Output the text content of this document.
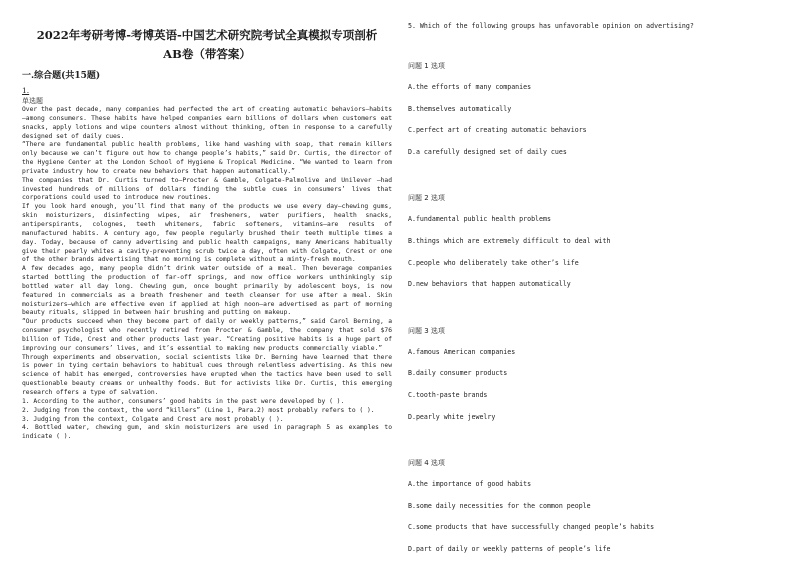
2022年考研考博-考博英语-中国艺术研究院考试全真模拟专项剖析
AB卷（带答案）
一.综合题(共15题)
1.
单选题

Over the past decade, many companies had perfected the art of creating automatic behaviors—habits—among consumers. These habits have helped companies earn billions of dollars when customers eat snacks, apply lotions and wipe counters almost without thinking, often in response to a carefully designed set of daily cues.

“There are fundamental public health problems, like hand washing with soap, that remain killers only because we can’t figure out how to change people’s habits,” said Dr. Curtis, the director of the Hygiene Center at the London School of Hygiene & Tropical Medicine. “We wanted to learn from private industry how to create new behaviors that happen automatically.”

The companies that Dr. Curtis turned to—Procter & Gamble, Colgate-Palmolive and Unilever —had invested hundreds of millions of dollars finding the subtle cues in consumers’ lives that corporations could used to introduce new routines.

If you look hard enough, you’ll find that many of the products we use every day—chewing gums, skin moisturizers, disinfecting wipes, air fresheners, water purifiers, health snacks, antiperspirants, colognes, teeth whiteners, fabric softeners, vitamins—are results of manufactured habits. A century ago, few people regularly brushed their teeth multiple times a day. Today, because of canny advertising and public health campaigns, many Americans habitually give their pearly whites a cavity-preventing scrub twice a day, often with Colgate, Crest or one of the other brands advertising that no morning is complete without a minty-fresh mouth.

A few decades ago, many people didn’t drink water outside of a meal. Then beverage companies started bottling the production of far-off springs, and now office workers unthinkingly sip bottled water all day long. Chewing gum, once bought primarily by adolescent boys, is now featured in commercials as a breath freshener and teeth cleanser for use after a meal. Skin moisturizers—which are effective even if applied at high noon—are advertised as part of morning beauty rituals, slipped in between hair brushing and putting on makeup.

“Our products succeed when they become part of daily or weekly patterns,” said Carol Berning, a consumer psychologist who recently retired from Procter & Gamble, the company that sold $76 billion of Tide, Crest and other products last year. “Creating positive habits is a huge part of improving our consumers’ lives, and it’s essential to making new products commercially viable.”

Through experiments and observation, social scientists like Dr. Berning have learned that there is power in tying certain behaviors to habitual cues through relentless advertising. As this new science of habit has emerged, controversies have erupted when the tactics have been used to sell questionable beauty creams or unhealthy foods. But for activists like Dr. Curtis, this emerging research offers a type of salvation.

1. According to the author, consumers’ good habits in the past were developed by ( ).

2. Judging from the context, the word “killers” (Line 1, Para.2) most probably refers to ( ).

3. Judging from the context, Colgate and Crest are most probably ( ).

4. Bottled water, chewing gum, and skin moisturizers are used in paragraph 5 as examples to indicate ( ).

5. Which of the following groups has unfavorable opinion on advertising?
问题 1 选项
A.the efforts of many companies
B.themselves automatically
C.perfect art of creating automatic behaviors
D.a carefully designed set of daily cues
问题 2 选项
A.fundamental public health problems
B.things which are extremely difficult to deal with
C.people who deliberately take other’s life
D.new behaviors that happen automatically
问题 3 选项
A.famous American companies
B.daily consumer products
C.tooth-paste brands
D.pearly white jewelry
问题 4 选项
A.the importance of good habits
B.some daily necessities for the common people
C.some products that have successfully changed people’s habits
D.part of daily or weekly patterns of people’s life
